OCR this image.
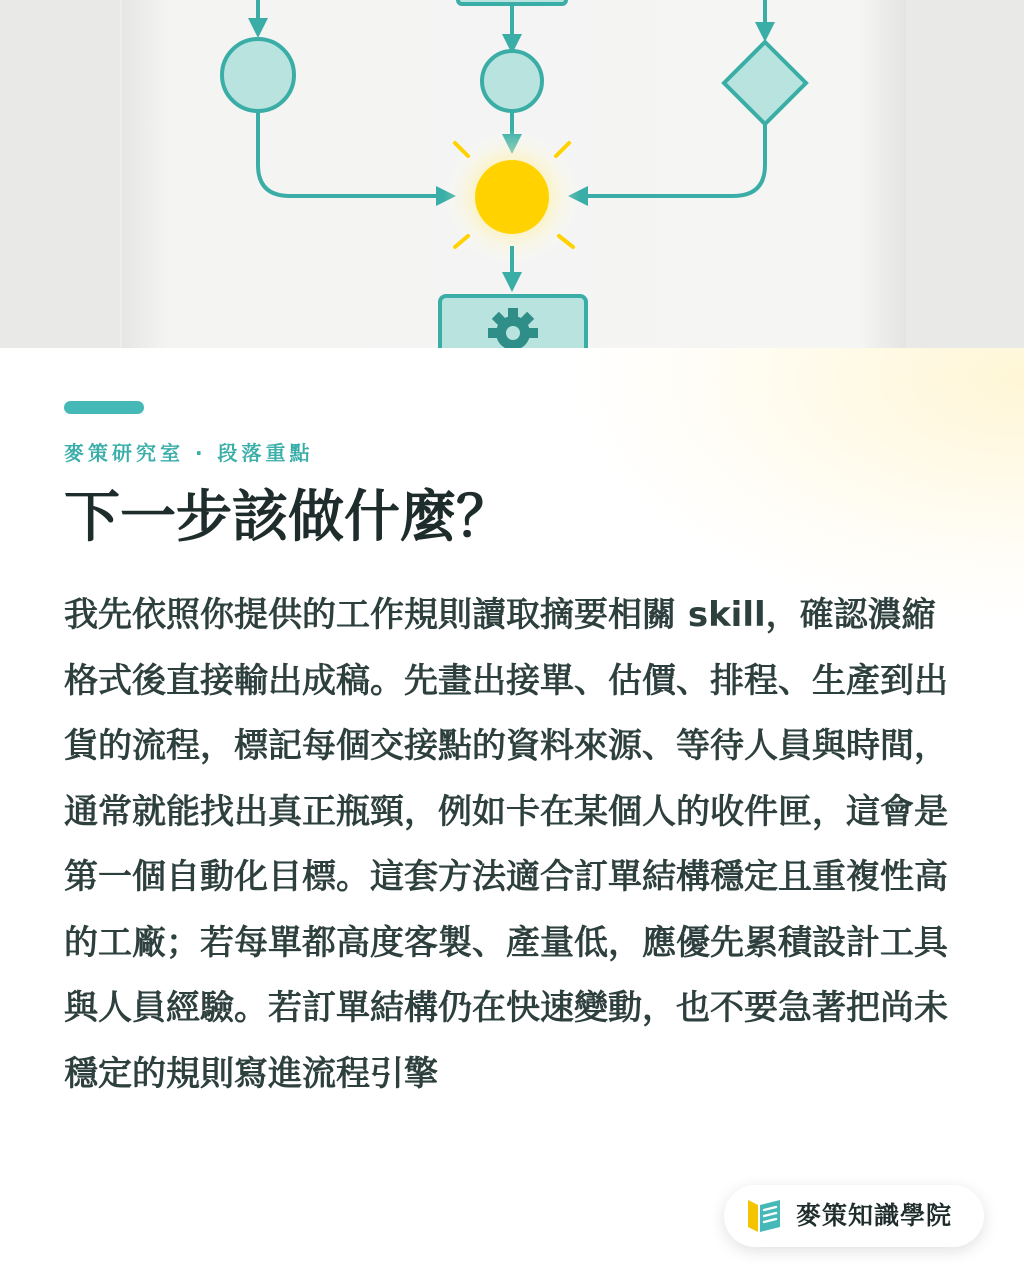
麥策研究室 · 段落重點
下一步該做什麼？

我先依照你提供的工作規則讀取摘要相關 skill，確認濃縮格式後直接輸出成稿。先畫出接單、估價、排程、生產到出貨的流程，標記每個交接點的資料來源、等待人員與時間，通常就能找出真正瓶頸，例如卡在某個人的收件匣，這會是第一個自動化目標。這套方法適合訂單結構穩定且重複性高的工廠；若每單都高度客製、產量低，應優先累積設計工具與人員經驗。若訂單結構仍在快速變動，也不要急著把尚未穩定的規則寫進流程引擎

麥策知識學院
